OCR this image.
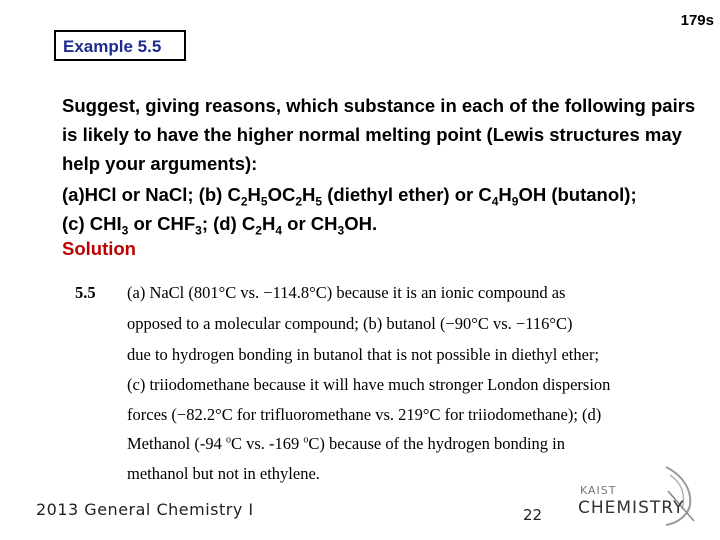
179s
Example 5.5
Suggest, giving reasons, which substance in each of the following pairs is likely to have the higher normal melting point (Lewis structures may help your arguments):
(a)HCl or NaCl; (b) $C_2H_5OC_2H_5$ (diethyl ether) or $C_4H_9OH$ (butanol);
(c) $CHI_3$ or $CHF_3$; (d) $C_2H_4$ or $CH_3OH$.
Solution
5.5 (a) NaCl (801°C vs. −114.8°C) because it is an ionic compound as
opposed to a molecular compound; (b) butanol (−90°C vs. −116°C)
due to hydrogen bonding in butanol that is not possible in diethyl ether;
(c) triiodomethane because it will have much stronger London dispersion
forces (−82.2°C for trifluoromethane vs. 219°C for triiodomethane); (d)
Methanol (-94 $^o$C vs. -169 $^o$C) because of the hydrogen bonding in
methanol but not in ethylene.
2013 General Chemistry I	22
KAIST
CHEMISTRY
